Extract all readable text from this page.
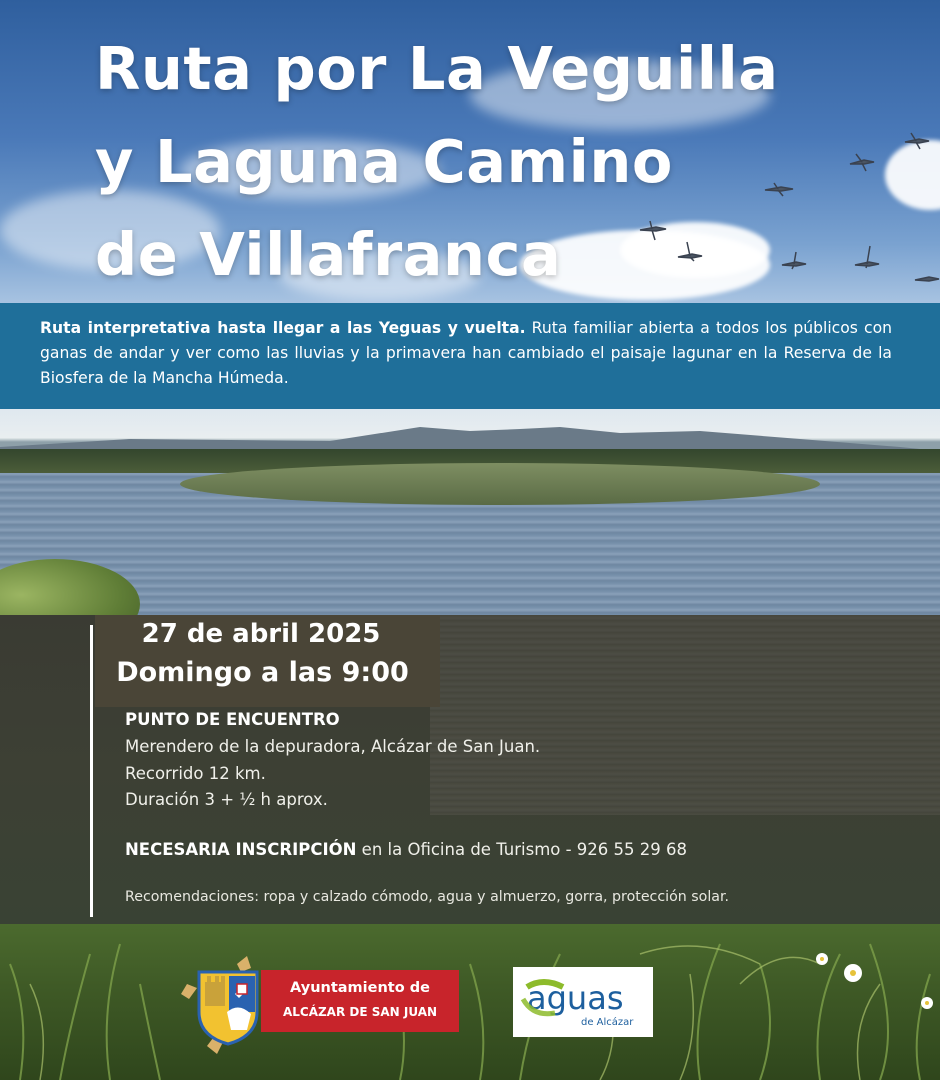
Ruta por La Veguilla
y Laguna Camino
de Villafranca

Ruta interpretativa hasta llegar a las Yeguas y vuelta. Ruta familiar abierta a todos los públicos con ganas de andar y ver como las lluvias y la primavera han cambiado el paisaje lagunar en la Reserva de la Biosfera de la Mancha Húmeda.

27 de abril 2025

Domingo a las 9:00

PUNTO DE ENCUENTRO

Merendero de la depuradora, Alcázar de San Juan.

Recorrido 12 km.

Duración 3 + ½ h aprox.

NECESARIA INSCRIPCIÓN en la Oficina de Turismo - 926 55 29 68

Recomendaciones: ropa y calzado cómodo, agua y almuerzo, gorra, protección solar.

Ayuntamiento de

ALCÁZAR DE SAN JUAN	aguas
de Alcázar
